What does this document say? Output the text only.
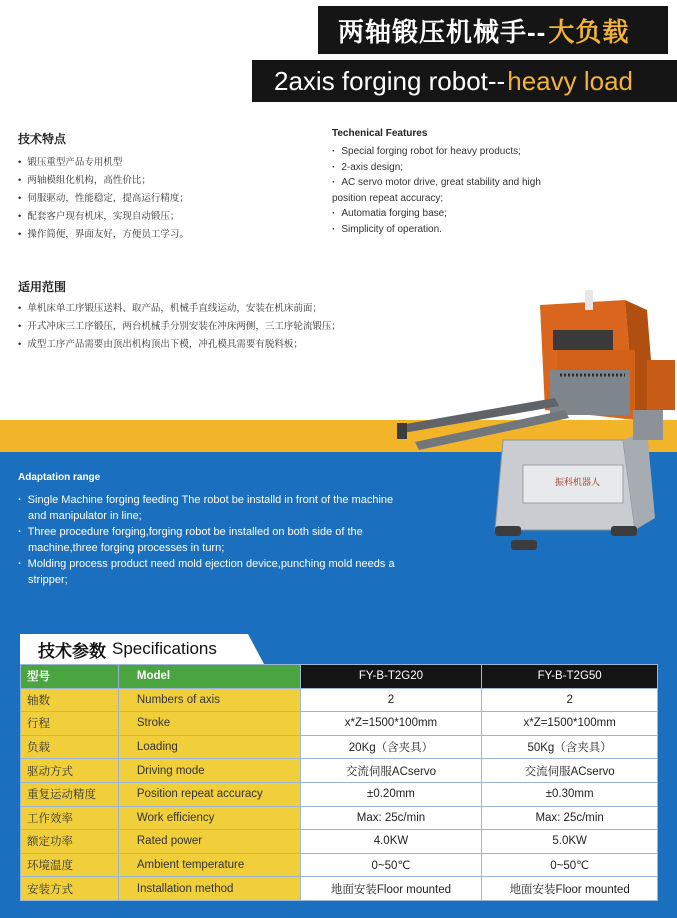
两轴锻压机械手-- 大负载
2axis forging robot-- heavy load
技术特点
• 锻压重型产品专用机型
• 两轴模组化机构，高性价比；
• 伺服驱动，性能稳定，提高运行精度；
• 配套客户现有机床，实现自动锻压；
• 操作简便，界面友好，方便员工学习。
Techenical Features
· Special forging robot for heavy products;
· 2-axis design;
· AC servo motor drive, great stability and high position repeat accuracy;
· Automatia forging base;
· Simplicity of operation.
适用范围
• 单机床单工序锻压送料、取产品，机械手直线运动，安装在机床前面；
• 开式冲床三工序锻压，两台机械手分别安装在冲床两侧，三工序轮流锻压；
• 成型工序产品需要由顶出机构顶出下模，冲孔模具需要有脱料板；
振科机器人
Adaptation range
· Single Machine forging feeding The robot be installd in front of the machine and manipulator in line;
· Three procedure forging,forging robot be installed on both side of the machine,three forging processes in turn;
· Molding process product need mold ejection device,punching mold needs a stripper;
技术参数 Specifications
型号	Model	FY-B-T2G20	FY-B-T2G50
轴数	Numbers of axis	2	2
行程	Stroke	x*Z=1500*100mm	x*Z=1500*100mm
负载	Loading	20Kg（含夹具）	50Kg（含夹具）
驱动方式	Driving mode	交流伺服ACservo	交流伺服ACservo
重复运动精度	Position repeat accuracy	±0.20mm	±0.30mm
工作效率	Work efficiency	Max: 25c/min	Max: 25c/min
额定功率	Rated power	4.0KW	5.0KW
环境温度	Ambient temperature	0~50℃	0~50℃
安装方式	Installation method	地面安装Floor mounted	地面安装Floor mounted
